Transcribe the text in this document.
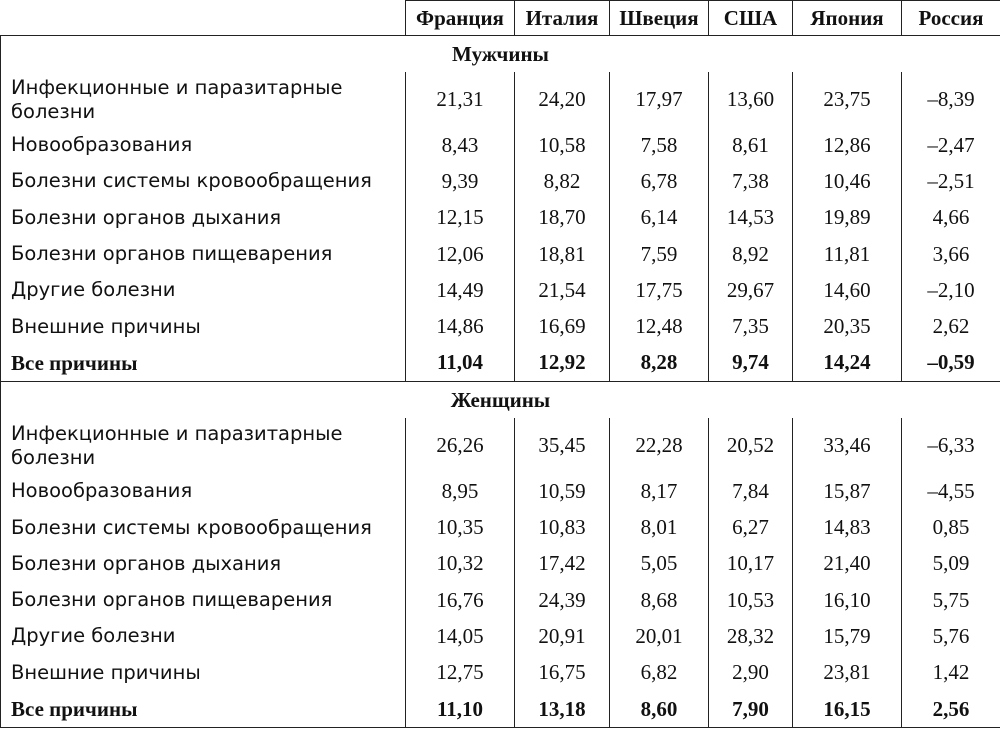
	Франция	Италия	Швеция	США	Япония	Россия
Мужчины						
Инфекционные и паразитарные болезни	21,31	24,20	17,97	13,60	23,75	–8,39
Новообразования	8,43	10,58	7,58	8,61	12,86	–2,47
Болезни системы кровообращения	9,39	8,82	6,78	7,38	10,46	–2,51
Болезни органов дыхания	12,15	18,70	6,14	14,53	19,89	4,66
Болезни органов пищеварения	12,06	18,81	7,59	8,92	11,81	3,66
Другие болезни	14,49	21,54	17,75	29,67	14,60	–2,10
Внешние причины	14,86	16,69	12,48	7,35	20,35	2,62
Все причины	11,04	12,92	8,28	9,74	14,24	–0,59
Женщины						
Инфекционные и паразитарные болезни	26,26	35,45	22,28	20,52	33,46	–6,33
Новообразования	8,95	10,59	8,17	7,84	15,87	–4,55
Болезни системы кровообращения	10,35	10,83	8,01	6,27	14,83	0,85
Болезни органов дыхания	10,32	17,42	5,05	10,17	21,40	5,09
Болезни органов пищеварения	16,76	24,39	8,68	10,53	16,10	5,75
Другие болезни	14,05	20,91	20,01	28,32	15,79	5,76
Внешние причины	12,75	16,75	6,82	2,90	23,81	1,42
Все причины	11,10	13,18	8,60	7,90	16,15	2,56
